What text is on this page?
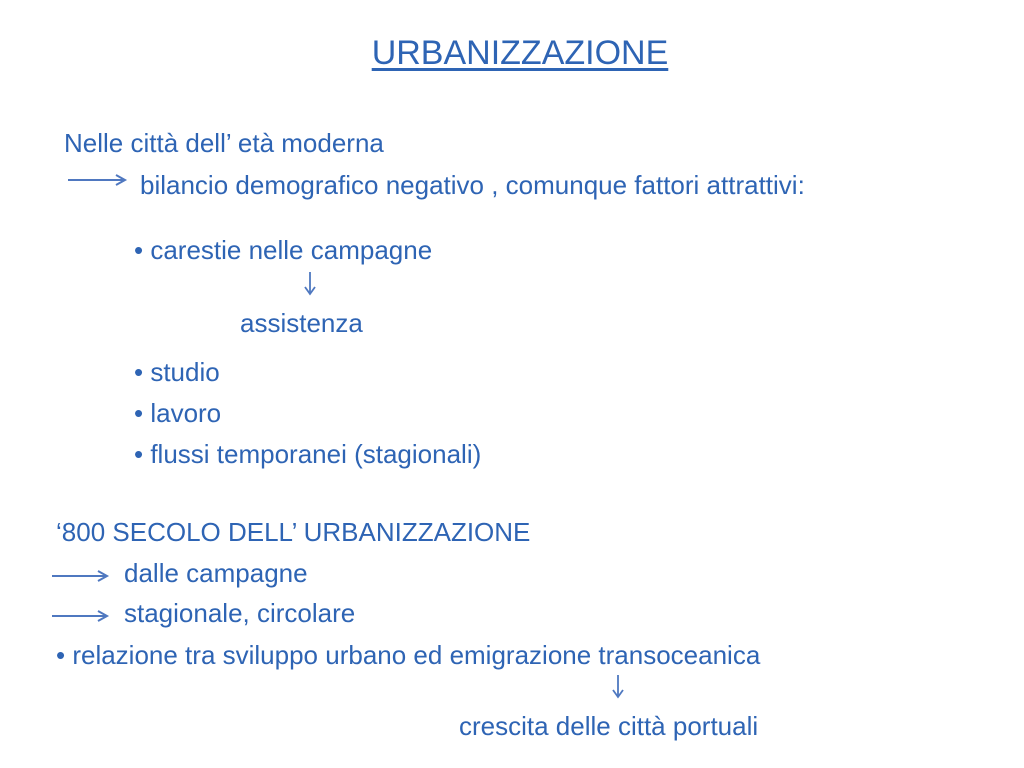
URBANIZZAZIONE
Nelle città dell’ età moderna
bilancio demografico negativo , comunque fattori attrattivi:
• carestie nelle campagne
assistenza
• studio
• lavoro
• flussi temporanei (stagionali)
‘800 SECOLO DELL’ URBANIZZAZIONE
dalle campagne
stagionale, circolare
• relazione tra sviluppo urbano ed emigrazione transoceanica
crescita delle città portuali
